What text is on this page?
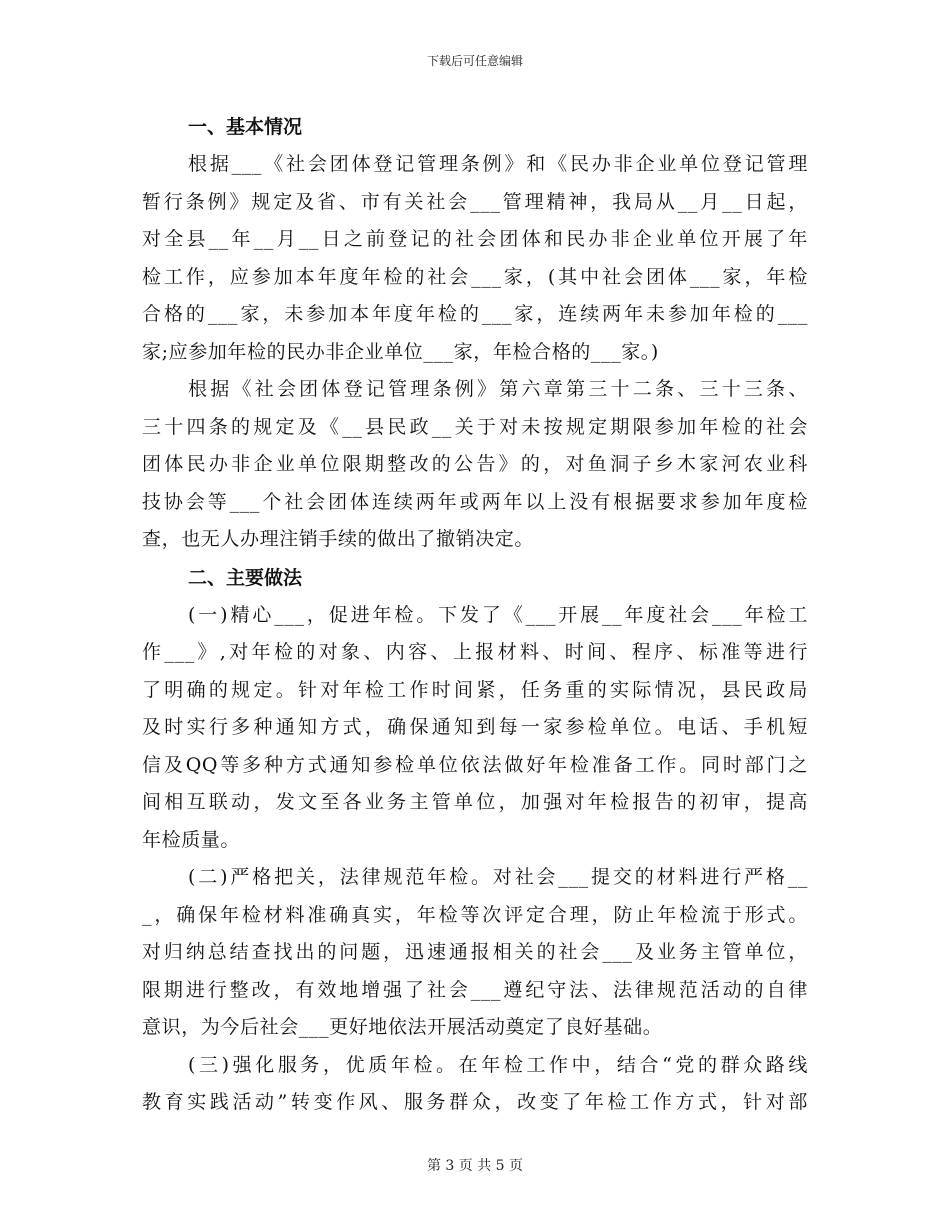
下载后可任意编辑
一、基本情况
根据___《社会团体登记管理条例》和《民办非企业单位登记管理
暂行条例》规定及省、市有关社会___管理精神，我局从__月__日起，
对全县__年__月__日之前登记的社会团体和民办非企业单位开展了年
检工作，应参加本年度年检的社会___家，(其中社会团体___家，年检
合格的___家，未参加本年度年检的___家，连续两年未参加年检的___
家;应参加年检的民办非企业单位___家，年检合格的___家。)
根据《社会团体登记管理条例》第六章第三十二条、三十三条、
三十四条的规定及《__县民政__关于对未按规定期限参加年检的社会
团体民办非企业单位限期整改的公告》的，对鱼洞子乡木家河农业科
技协会等___个社会团体连续两年或两年以上没有根据要求参加年度检
查，也无人办理注销手续的做出了撤销决定。
二、主要做法
(一)精心___，促进年检。下发了《___开展__年度社会___年检工
作___》,对年检的对象、内容、上报材料、时间、程序、标准等进行
了明确的规定。针对年检工作时间紧，任务重的实际情况，县民政局
及时实行多种通知方式，确保通知到每一家参检单位。电话、手机短
信及QQ等多种方式通知参检单位依法做好年检准备工作。同时部门之
间相互联动，发文至各业务主管单位，加强对年检报告的初审，提高
年检质量。
(二)严格把关，法律规范年检。对社会___提交的材料进行严格__
_，确保年检材料准确真实，年检等次评定合理，防止年检流于形式。
对归纳总结查找出的问题，迅速通报相关的社会___及业务主管单位，
限期进行整改，有效地增强了社会___遵纪守法、法律规范活动的自律
意识，为今后社会___更好地依法开展活动奠定了良好基础。
(三)强化服务，优质年检。在年检工作中，结合“党的群众路线
教育实践活动”转变作风、服务群众，改变了年检工作方式，针对部
第 3 页 共 5 页
